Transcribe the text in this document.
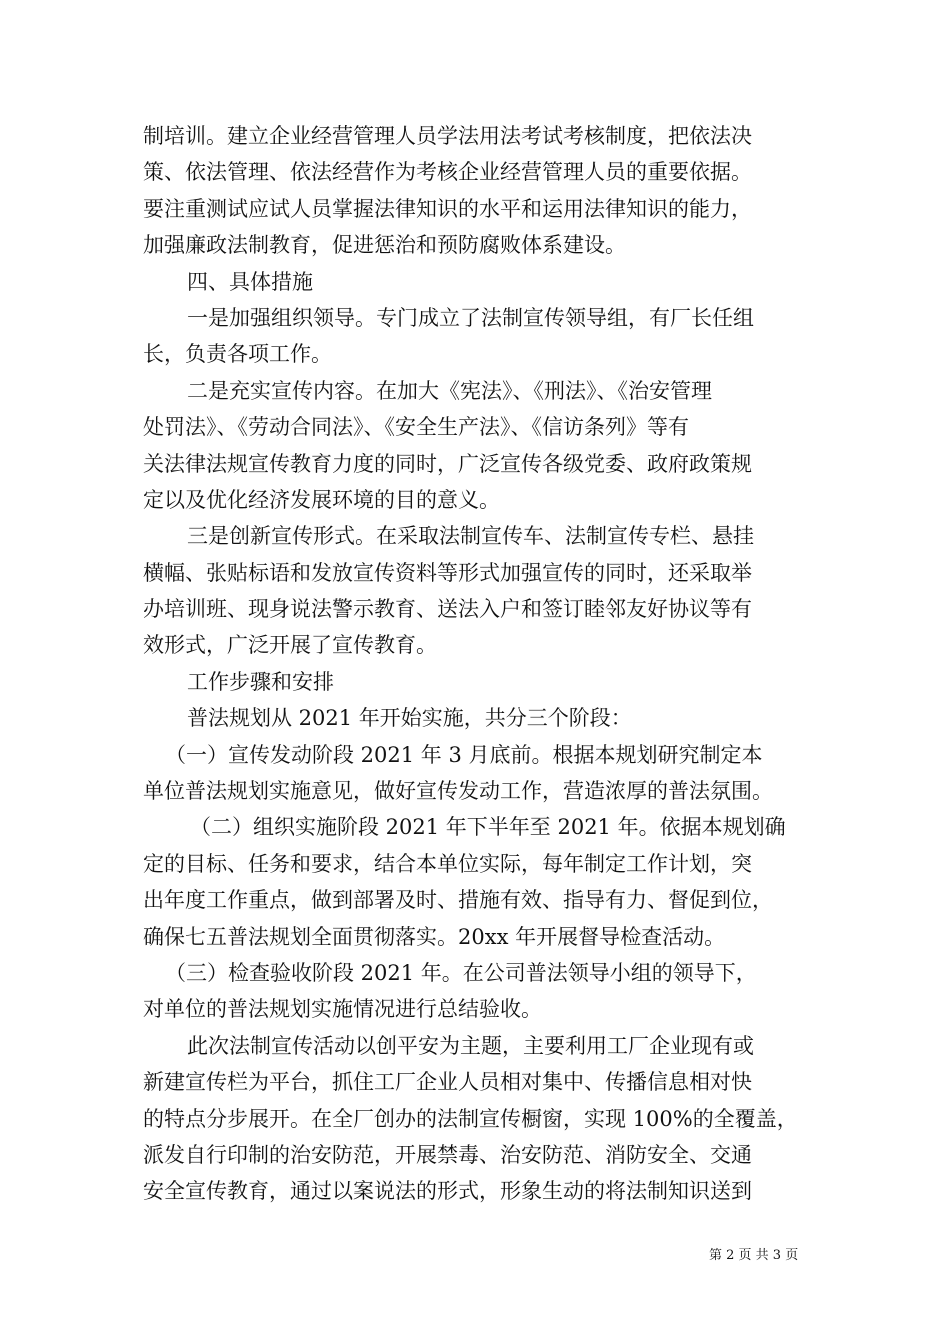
制培训。建立企业经营管理人员学法用法考试考核制度，把依法决
策、依法管理、依法经营作为考核企业经营管理人员的重要依据。
要注重测试应试人员掌握法律知识的水平和运用法律知识的能力，
加强廉政法制教育，促进惩治和预防腐败体系建设。
四、具体措施
一是加强组织领导。专门成立了法制宣传领导组，有厂长任组
长，负责各项工作。
二是充实宣传内容。在加大《宪法》、《刑法》、《治安管理
处罚法》、《劳动合同法》、《安全生产法》、《信访条列》等有
关法律法规宣传教育力度的同时，广泛宣传各级党委、政府政策规
定以及优化经济发展环境的目的意义。
三是创新宣传形式。在采取法制宣传车、法制宣传专栏、悬挂
横幅、张贴标语和发放宣传资料等形式加强宣传的同时，还采取举
办培训班、现身说法警示教育、送法入户和签订睦邻友好协议等有
效形式，广泛开展了宣传教育。
工作步骤和安排
普法规划从 2021 年开始实施，共分三个阶段：
（一）宣传发动阶段 2021 年 3 月底前。根据本规划研究制定本
单位普法规划实施意见，做好宣传发动工作，营造浓厚的普法氛围。
（二）组织实施阶段 2021 年下半年至 2021 年。依据本规划确
定的目标、任务和要求，结合本单位实际，每年制定工作计划，突
出年度工作重点，做到部署及时、措施有效、指导有力、督促到位，
确保七五普法规划全面贯彻落实。20xx 年开展督导检查活动。
（三）检查验收阶段 2021 年。在公司普法领导小组的领导下，
对单位的普法规划实施情况进行总结验收。
此次法制宣传活动以创平安为主题，主要利用工厂企业现有或
新建宣传栏为平台，抓住工厂企业人员相对集中、传播信息相对快
的特点分步展开。在全厂创办的法制宣传橱窗，实现 100%的全覆盖，
派发自行印制的治安防范，开展禁毒、治安防范、消防安全、交通
安全宣传教育，通过以案说法的形式，形象生动的将法制知识送到
第 2 页 共 3 页
